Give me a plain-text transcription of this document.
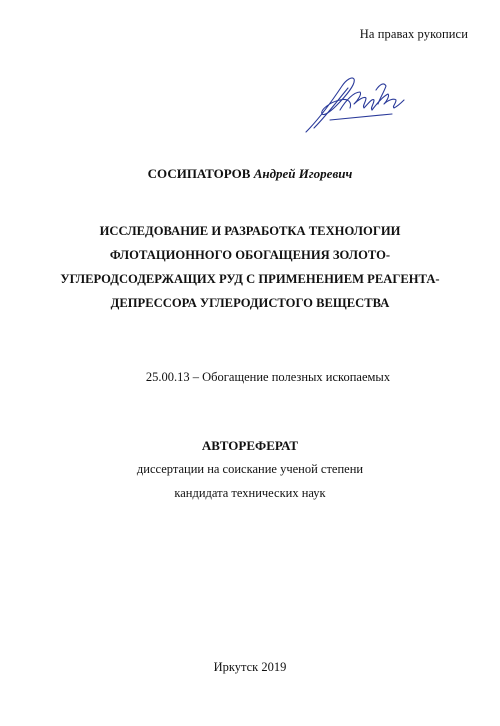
На правах рукописи
СОСИПАТОРОВ Андрей Игоревич
ИССЛЕДОВАНИЕ И РАЗРАБОТКА ТЕХНОЛОГИИ
ФЛОТАЦИОННОГО ОБОГАЩЕНИЯ ЗОЛОТО-
УГЛЕРОДСОДЕРЖАЩИХ РУД С ПРИМЕНЕНИЕМ РЕАГЕНТА-
ДЕПРЕССОРА УГЛЕРОДИСТОГО ВЕЩЕСТВА
25.00.13 – Обогащение полезных ископаемых
АВТОРЕФЕРАТ
диссертации на соискание ученой степени
кандидата технических наук
Иркутск 2019
